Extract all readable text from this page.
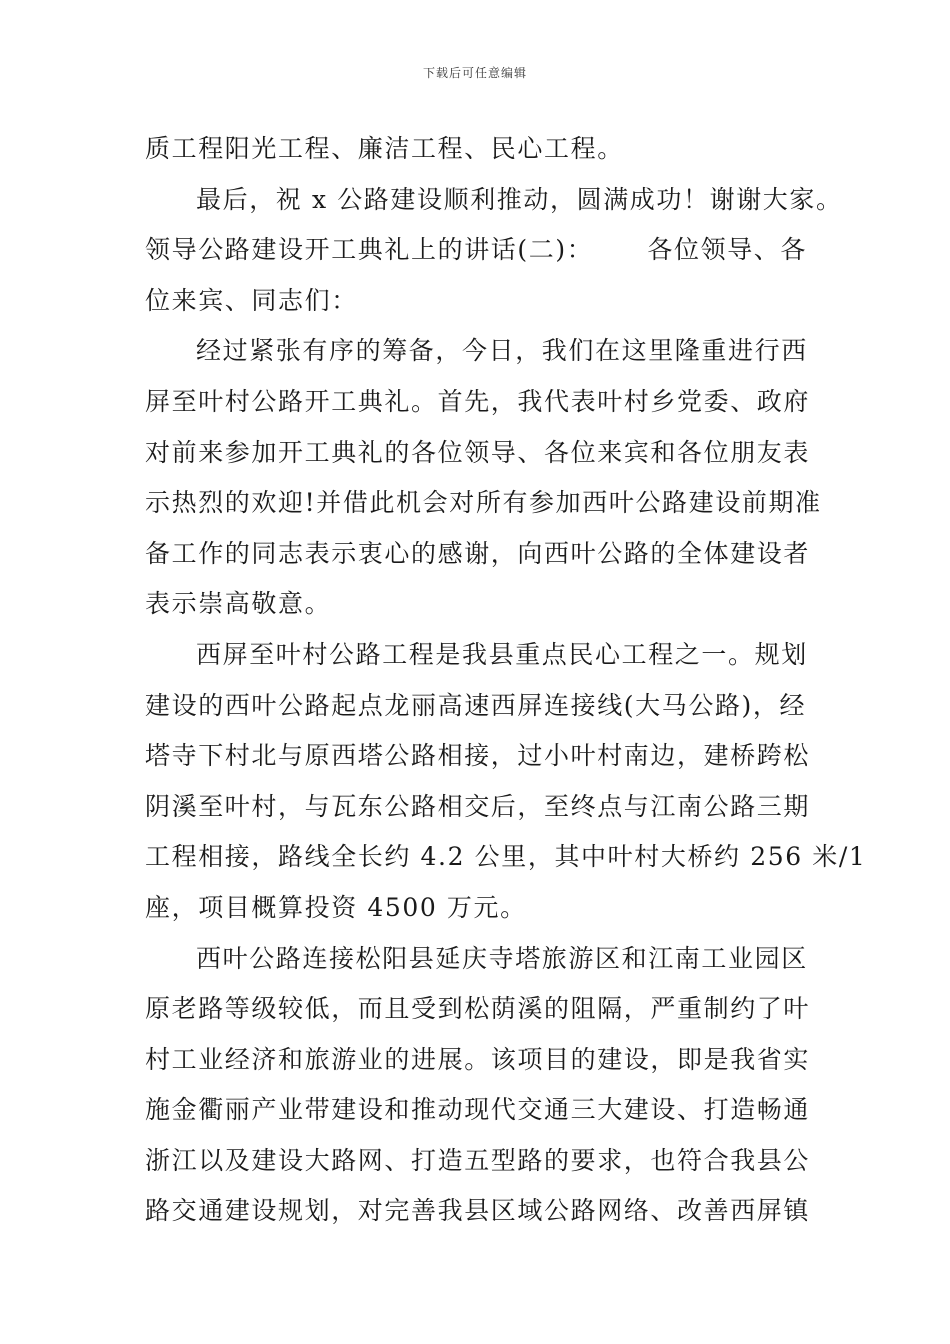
下载后可任意编辑
质工程阳光工程、廉洁工程、民心工程。
最后，祝 x 公路建设顺利推动，圆满成功！谢谢大家。
领导公路建设开工典礼上的讲话(二)： 各位领导、各
位来宾、同志们：
经过紧张有序的筹备，今日，我们在这里隆重进行西
屏至叶村公路开工典礼。首先，我代表叶村乡党委、政府
对前来参加开工典礼的各位领导、各位来宾和各位朋友表
示热烈的欢迎!并借此机会对所有参加西叶公路建设前期准
备工作的同志表示衷心的感谢，向西叶公路的全体建设者
表示崇高敬意。
西屏至叶村公路工程是我县重点民心工程之一。规划
建设的西叶公路起点龙丽高速西屏连接线(大马公路)，经
塔寺下村北与原西塔公路相接，过小叶村南边，建桥跨松
阴溪至叶村，与瓦东公路相交后，至终点与江南公路三期
工程相接，路线全长约 4.2 公里，其中叶村大桥约 256 米/1
座，项目概算投资 4500 万元。
西叶公路连接松阳县延庆寺塔旅游区和江南工业园区
原老路等级较低，而且受到松荫溪的阻隔，严重制约了叶
村工业经济和旅游业的进展。该项目的建设，即是我省实
施金衢丽产业带建设和推动现代交通三大建设、打造畅通
浙江以及建设大路网、打造五型路的要求，也符合我县公
路交通建设规划，对完善我县区域公路网络、改善西屏镇
